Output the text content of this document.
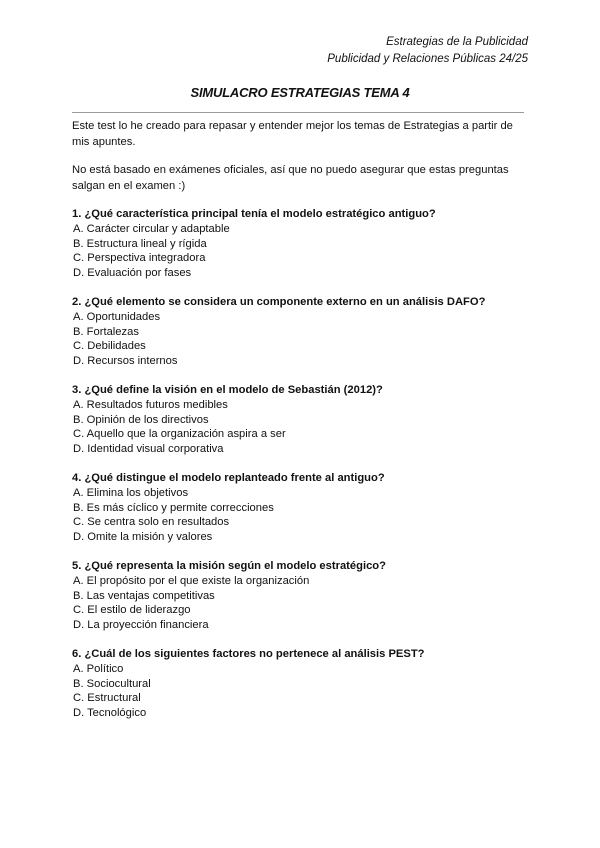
Estrategias de la Publicidad
Publicidad y Relaciones Públicas 24/25
SIMULACRO ESTRATEGIAS TEMA 4
Este test lo he creado para repasar y entender mejor los temas de Estrategias a partir de mis apuntes.
No está basado en exámenes oficiales, así que no puedo asegurar que estas preguntas salgan en el examen :)
1. ¿Qué característica principal tenía el modelo estratégico antiguo?
A. Carácter circular y adaptable
B. Estructura lineal y rígida
C. Perspectiva integradora
D. Evaluación por fases
2. ¿Qué elemento se considera un componente externo en un análisis DAFO?
A. Oportunidades
B. Fortalezas
C. Debilidades
D. Recursos internos
3. ¿Qué define la visión en el modelo de Sebastián (2012)?
A. Resultados futuros medibles
B. Opinión de los directivos
C. Aquello que la organización aspira a ser
D. Identidad visual corporativa
4. ¿Qué distingue el modelo replanteado frente al antiguo?
A. Elimina los objetivos
B. Es más cíclico y permite correcciones
C. Se centra solo en resultados
D. Omite la misión y valores
5. ¿Qué representa la misión según el modelo estratégico?
A. El propósito por el que existe la organización
B. Las ventajas competitivas
C. El estilo de liderazgo
D. La proyección financiera
6. ¿Cuál de los siguientes factores no pertenece al análisis PEST?
A. Político
B. Sociocultural
C. Estructural
D. Tecnológico
